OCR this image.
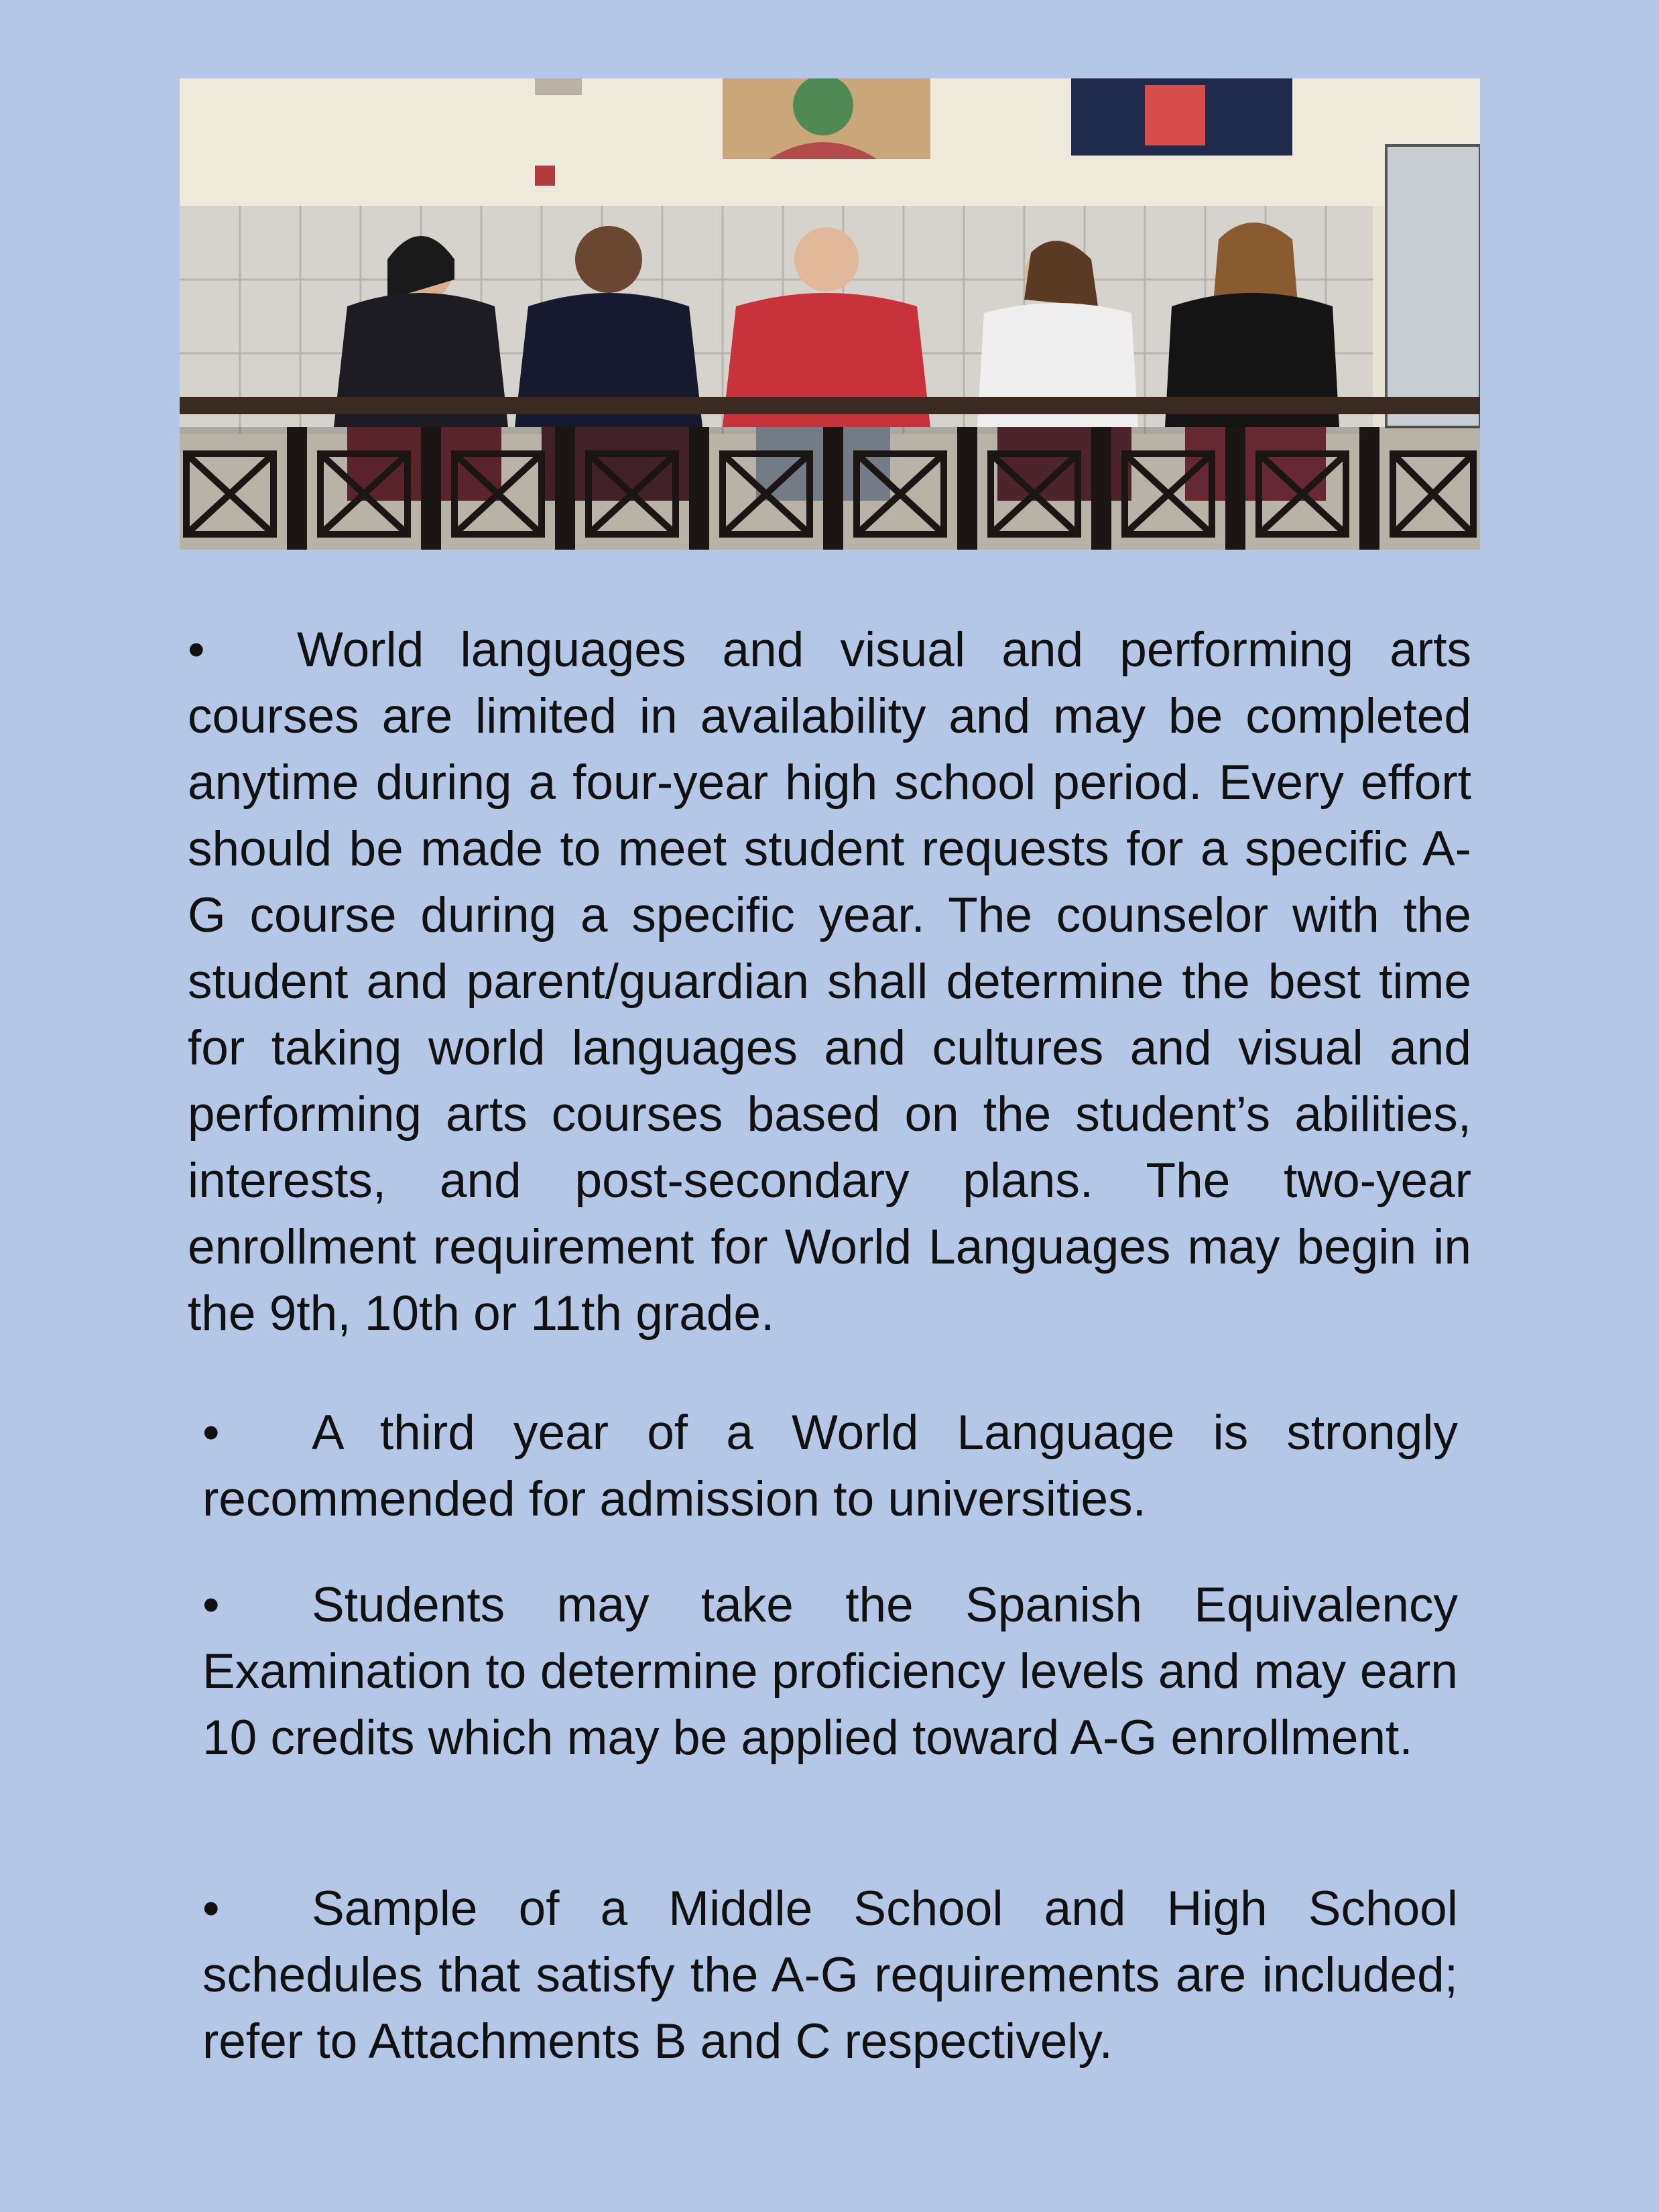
• World languages and visual and performing arts courses are limited in availability and may be completed anytime during a four-year high school period. Every effort should be made to meet student requests for a specific A-G course during a specific year. The counselor with the student and parent/guardian shall determine the best time for taking world languages and cultures and visual and performing arts courses based on the student’s abilities, interests, and post-secondary plans. The two-year enrollment requirement for World Languages may begin in the 9th, 10th or 11th grade.
• A third year of a World Language is strongly recommended for admission to universities.
• Students may take the Spanish Equivalency Examination to determine proficiency levels and may earn 10 credits which may be applied toward A-G enrollment.
• Sample of a Middle School and High School schedules that satisfy the A-G requirements are included; refer to Attachments B and C respectively.
